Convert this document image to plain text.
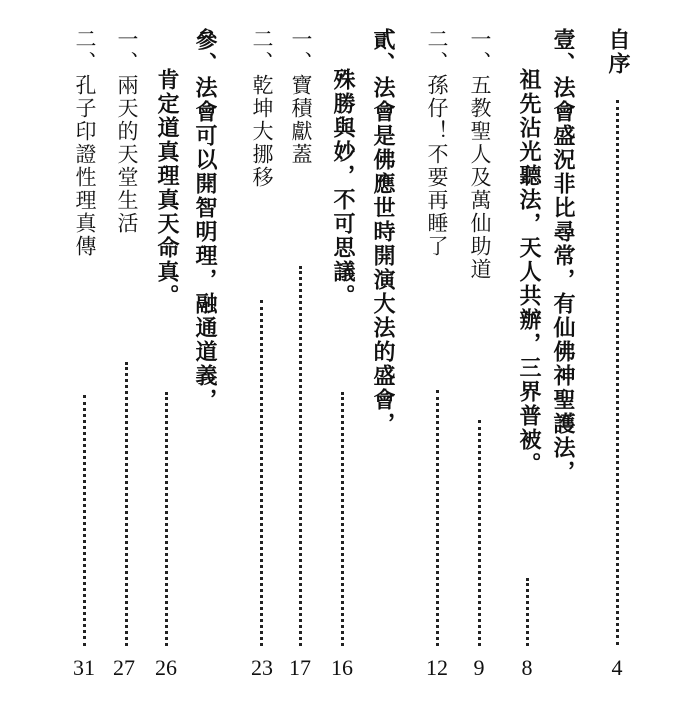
自序
4
壹、法會盛況非比尋常，有仙佛神聖護法，
祖先沾光聽法，天人共辦，三界普被。
8
一、五教聖人及萬仙助道
9
二、孫仔！不要再睡了
12
貳、法會是佛應世時開演大法的盛會，
殊勝與妙，不可思議。
16
一、寶積獻蓋
17
二、乾坤大挪移
23
參、法會可以開智明理，融通道義，
肯定道真理真天命真。
26
一、兩天的天堂生活
27
二、孔子印證性理真傳
31
